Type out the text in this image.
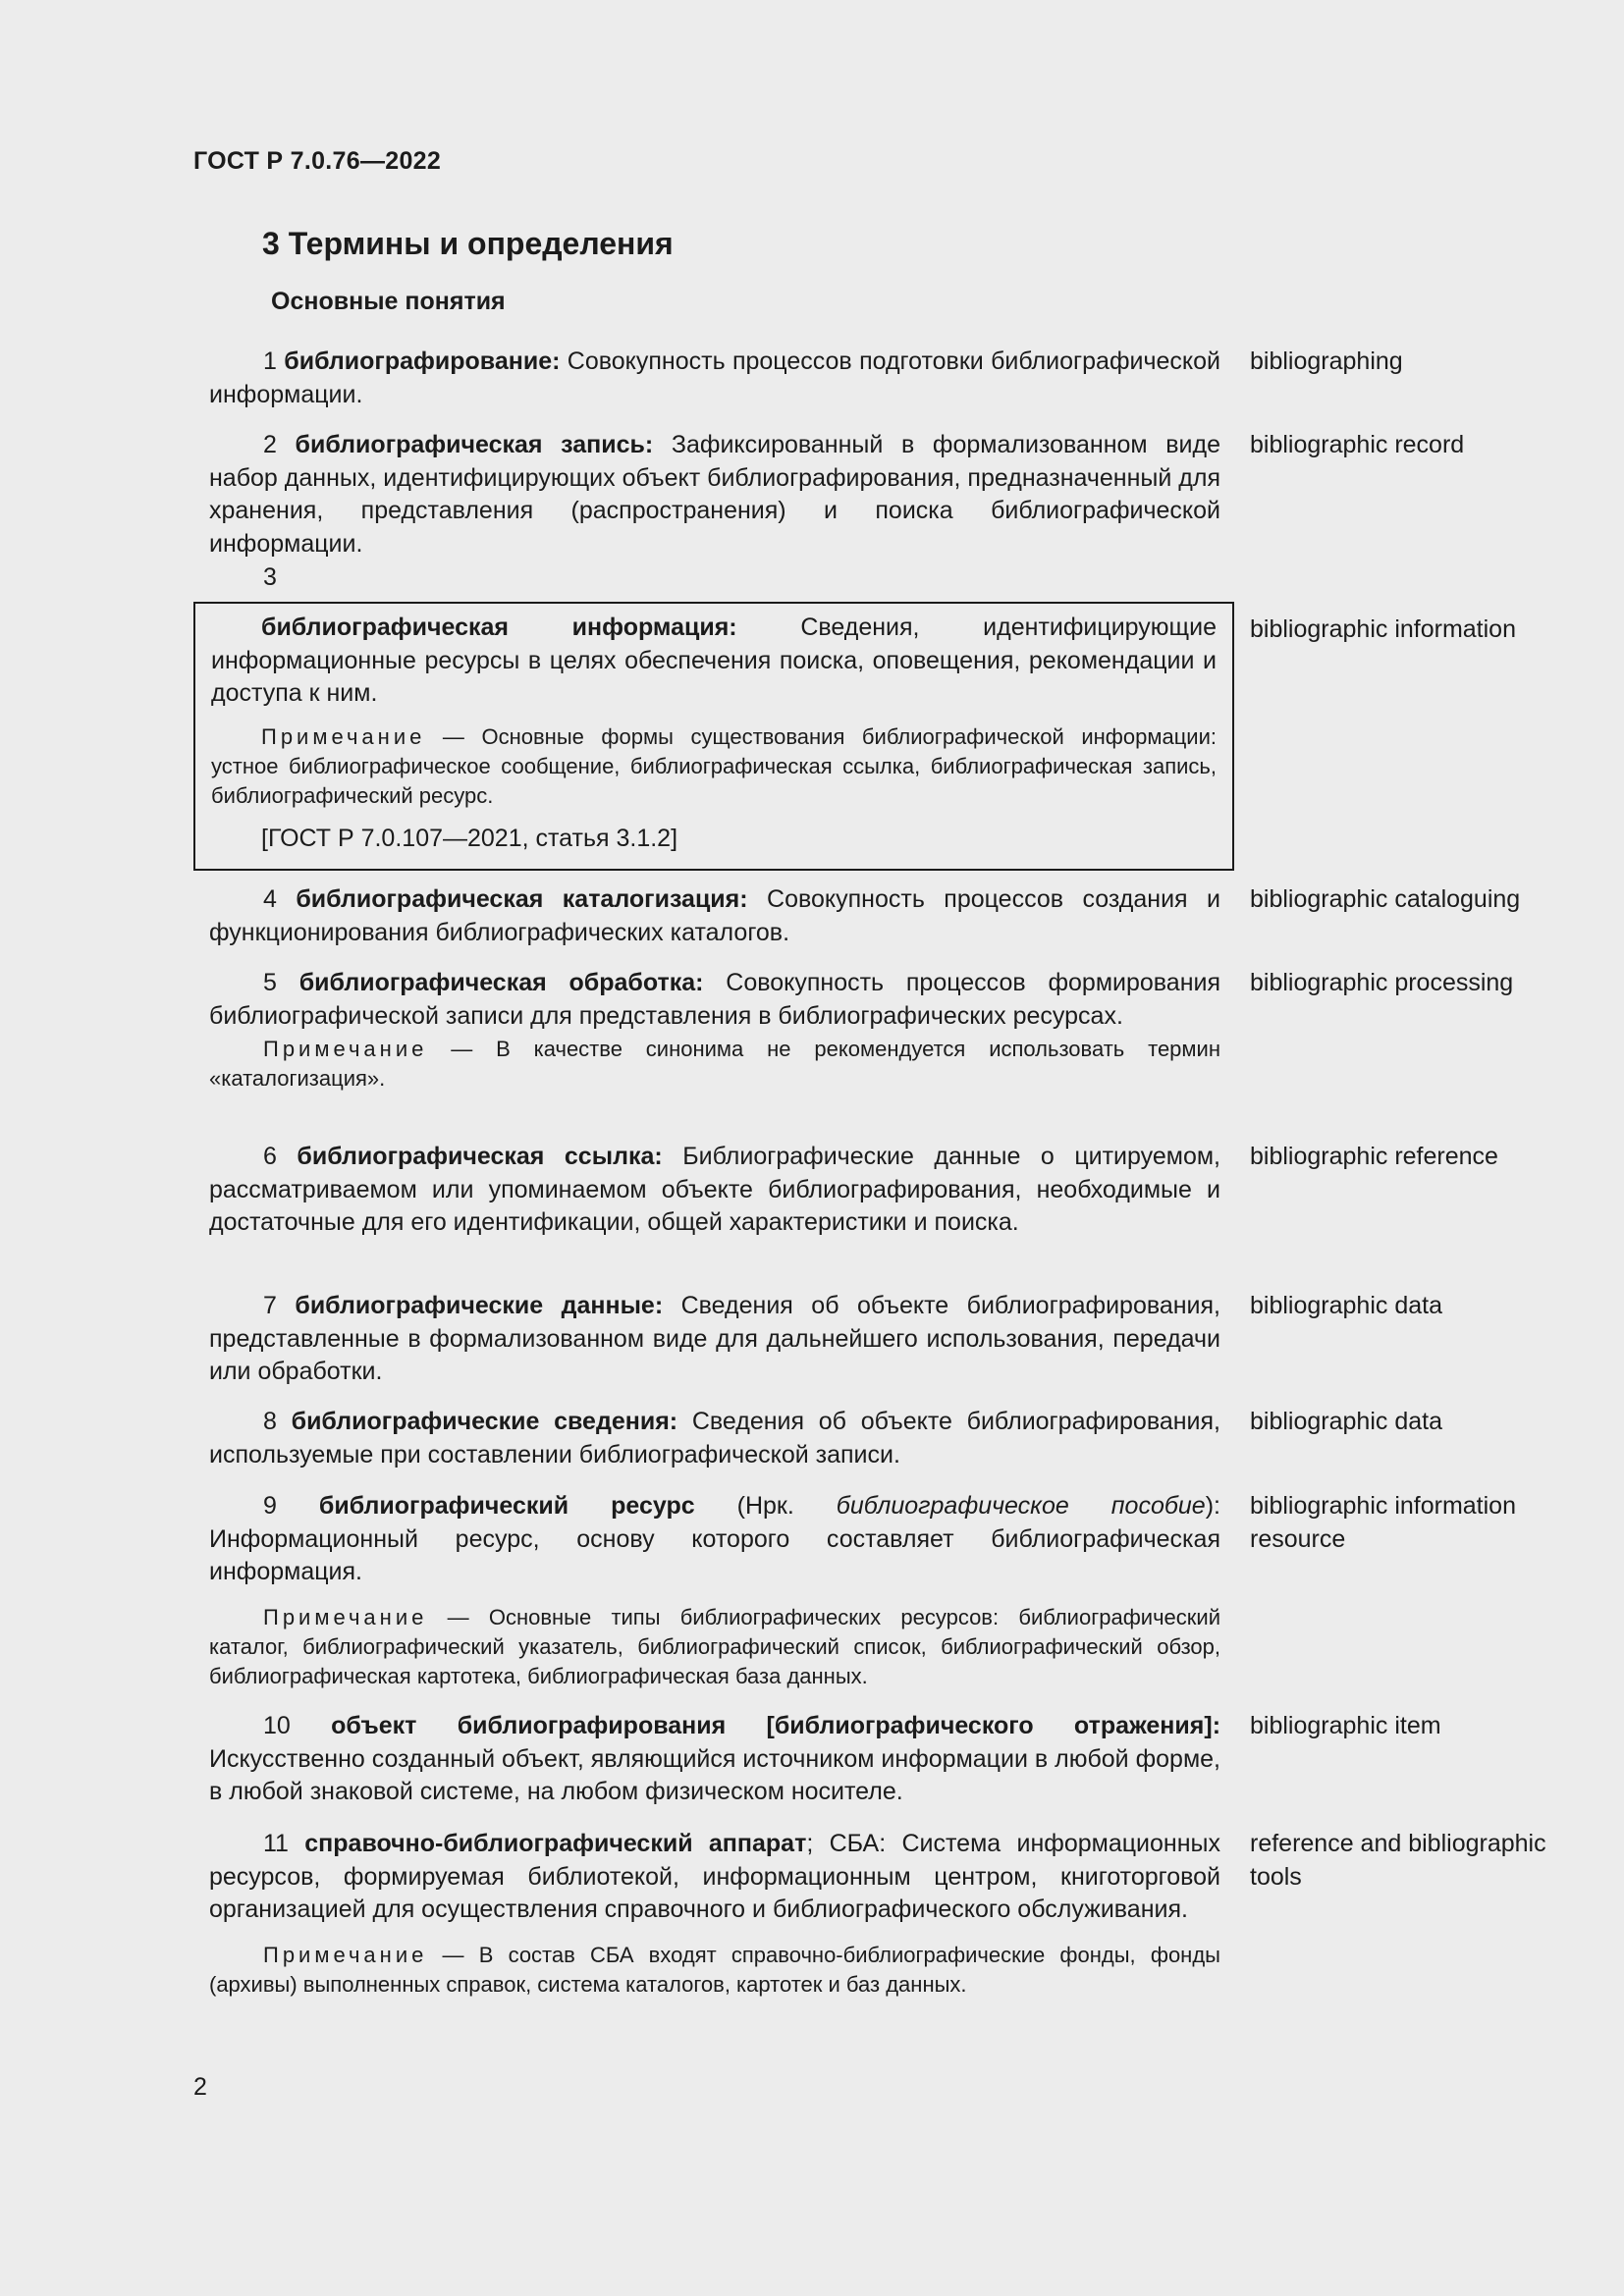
ГОСТ Р 7.0.76—2022
3 Термины и определения
Основные понятия

1 библиографирование: Совокупность процессов подготовки библиографической информации.

bibliographing

2 библиографическая запись: Зафиксированный в формализованном виде набор данных, идентифицирующих объект библиографирования, предназначенный для хранения, представления (распространения) и поиска библиографической информации.

bibliographic record
3

библиографическая информация:	Сведения, идентифицирующие информационные ресурсы в целях обеспечения поиска, оповещения, рекомендации и доступа к ним.

Примечание — Основные формы существования библиографической информации: устное библиографическое сообщение, библиографическая ссылка, библиографическая запись, библиографический ресурс.

[ГОСТ Р 7.0.107—2021, статья 3.1.2]

bibliographic information

4 библиографическая каталогизация: Совокупность процессов создания и функционирования библиографических каталогов.

bibliographic cataloguing

5 библиографическая обработка: Совокупность процессов формирования библиографической записи для представления в библиографических ресурсах.

Примечание — В качестве синонима не рекомендуется использовать термин «каталогизация».

bibliographic processing

6 библиографическая ссылка: Библиографические данные о цитируемом, рассматриваемом или упоминаемом объекте библиографирования, необходимые и достаточные для его идентификации, общей характеристики и поиска.

bibliographic reference

7 библиографические данные: Сведения об объекте библиографирования, представленные в формализованном виде для дальнейшего использования, передачи или обработки.

bibliographic data

8 библиографические сведения: Сведения об объекте библиографирования, используемые при составлении библиографической записи.

bibliographic data

9 библиографический ресурс (Нрк. библиографическое пособие): Информационный ресурс, основу которого составляет библиографическая информация.

Примечание — Основные типы библиографических ресурсов: библиографический каталог, библиографический указатель, библиографический список, библиографический обзор, библиографическая картотека, библиографическая база данных.

bibliographic information resource

10 объект библиографирования [библиографического отражения]: Искусственно созданный объект, являющийся источником информации в любой форме, в любой знаковой системе, на любом физическом носителе.

bibliographic item

11 справочно-библиографический аппарат; СБА: Система информационных ресурсов, формируемая библиотекой, информационным центром, книготорговой организацией для осуществления справочного и библиографического обслуживания.

Примечание — В состав СБА входят справочно-библиографические фонды, фонды (архивы) выполненных справок, система каталогов, картотек и баз данных.

reference and bibliographic tools
2
